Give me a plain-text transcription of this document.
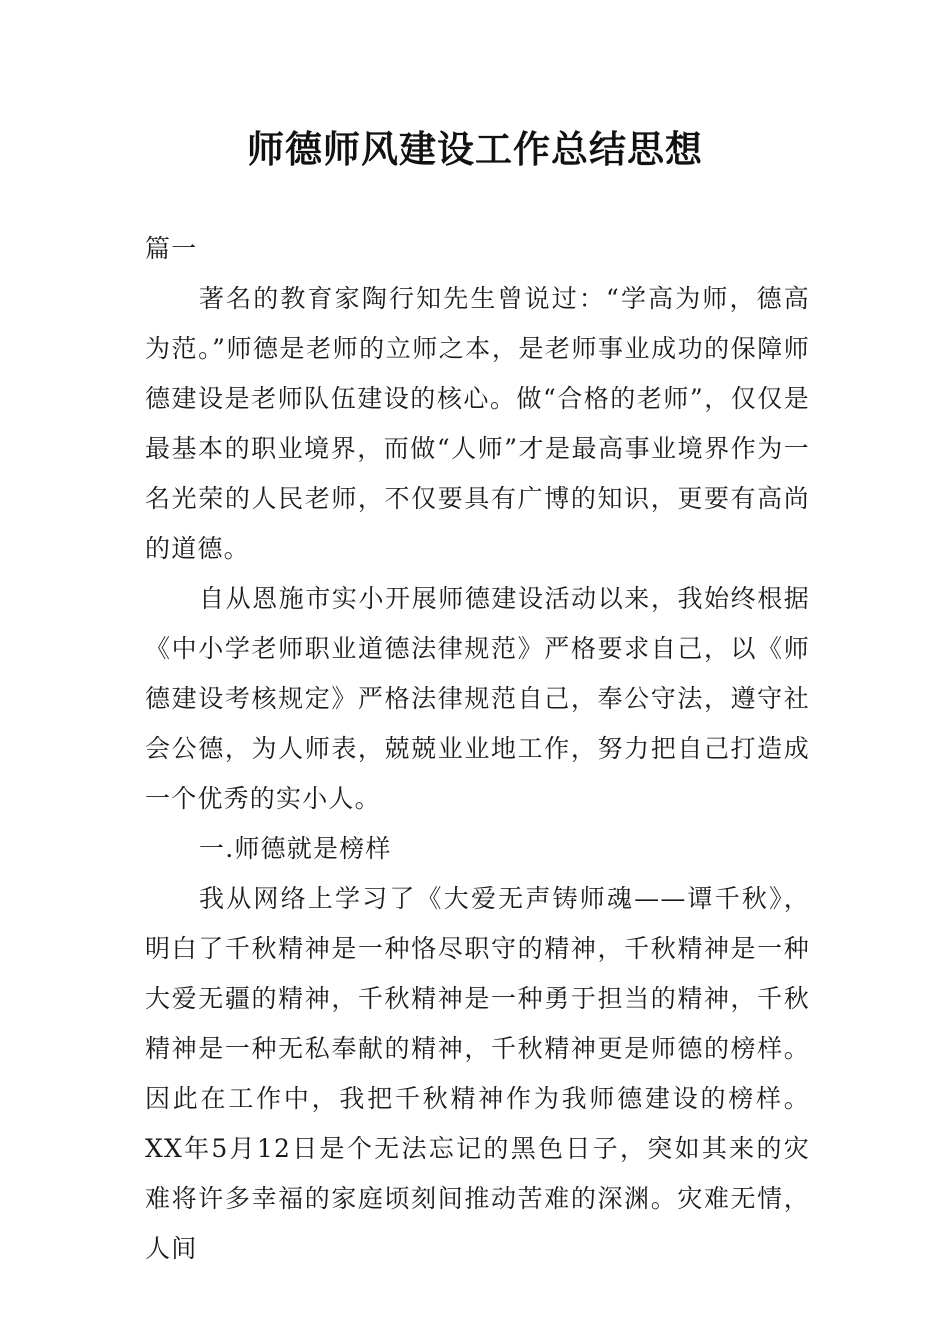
师德师风建设工作总结思想

篇一

著名的教育家陶行知先生曾说过：“学高为师，德高为范。”师德是老师的立师之本，是老师事业成功的保障师德建设是老师队伍建设的核心。做“合格的老师”，仅仅是最基本的职业境界，而做“人师”才是最高事业境界作为一名光荣的人民老师，不仅要具有广博的知识，更要有高尚的道德。

自从恩施市实小开展师德建设活动以来，我始终根据《中小学老师职业道德法律规范》严格要求自己，以《师德建设考核规定》严格法律规范自己，奉公守法，遵守社会公德，为人师表，兢兢业业地工作，努力把自己打造成一个优秀的实小人。

一.师德就是榜样

我从网络上学习了《大爱无声铸师魂——谭千秋》，明白了千秋精神是一种恪尽职守的精神，千秋精神是一种大爱无疆的精神，千秋精神是一种勇于担当的精神，千秋精神是一种无私奉献的精神，千秋精神更是师德的榜样。因此在工作中，我把千秋精神作为我师德建设的榜样。XX年5月12日是个无法忘记的黑色日子，突如其来的灾难将许多幸福的家庭顷刻间推动苦难的深渊。灾难无情，人间
